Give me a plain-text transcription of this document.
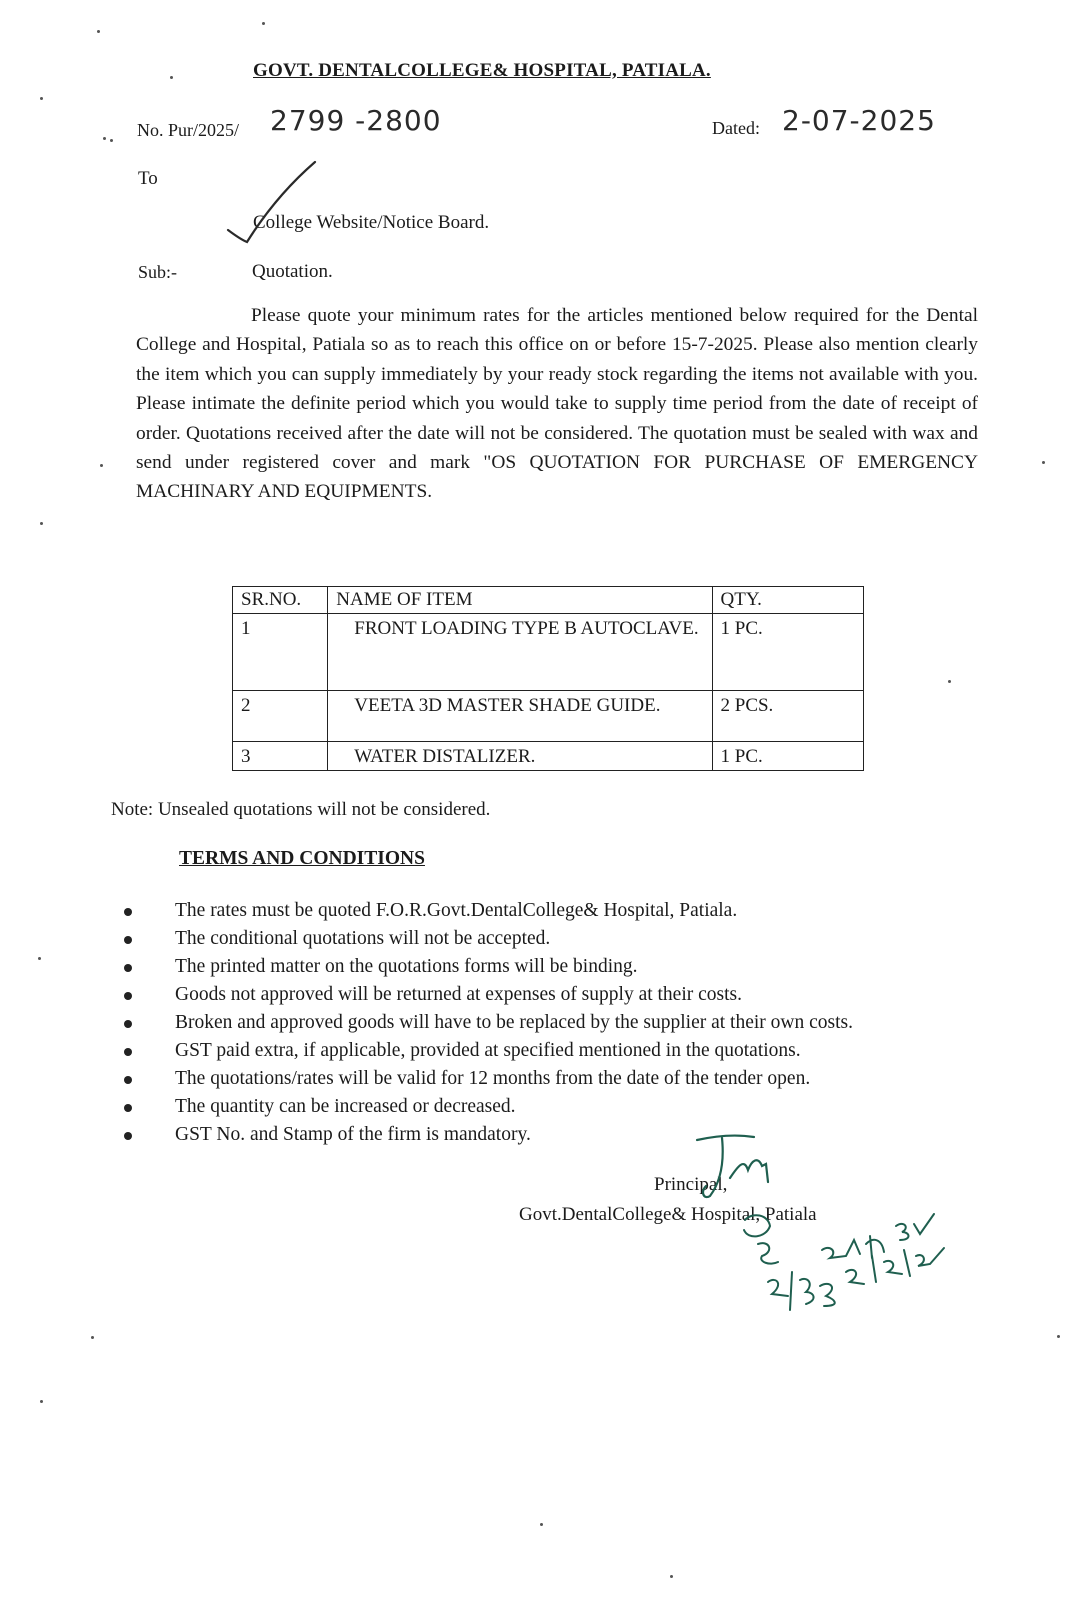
GOVT. DENTALCOLLEGE& HOSPITAL, PATIALA.
No. Pur/2025/ 2799 -2800	Dated: 2-07-2025
To
College Website/Notice Board.
Sub:-	Quotation.
Please quote your minimum rates for the articles mentioned below required for the Dental College and Hospital, Patiala so as to reach this office on or before 15-7-2025. Please also mention clearly the item which you can supply immediately by your ready stock regarding the items not available with you. Please intimate the definite period which you would take to supply time period from the date of receipt of order. Quotations received after the date will not be considered. The quotation must be sealed with wax and send under registered cover and mark "OS QUOTATION FOR PURCHASE OF EMERGENCY MACHINARY AND EQUIPMENTS.
SR.NO.	NAME OF ITEM	QTY.
1	FRONT LOADING TYPE B AUTOCLAVE.	1 PC.
2	VEETA 3D MASTER SHADE GUIDE.	2 PCS.
3	WATER DISTALIZER.	1 PC.
Note: Unsealed quotations will not be considered.
TERMS AND CONDITIONS
The rates must be quoted F.O.R.Govt.DentalCollege& Hospital, Patiala.
The conditional quotations will not be accepted.
The printed matter on the quotations forms will be binding.
Goods not approved will be returned at expenses of supply at their costs.
Broken and approved goods will have to be replaced by the supplier at their own costs.
GST paid extra, if applicable, provided at specified mentioned in the quotations.
The quotations/rates will be valid for 12 months from the date of the tender open.
The quantity can be increased or decreased.
GST No. and Stamp of the firm is mandatory.
Principal,
Govt.DentalCollege& Hospital, Patiala
